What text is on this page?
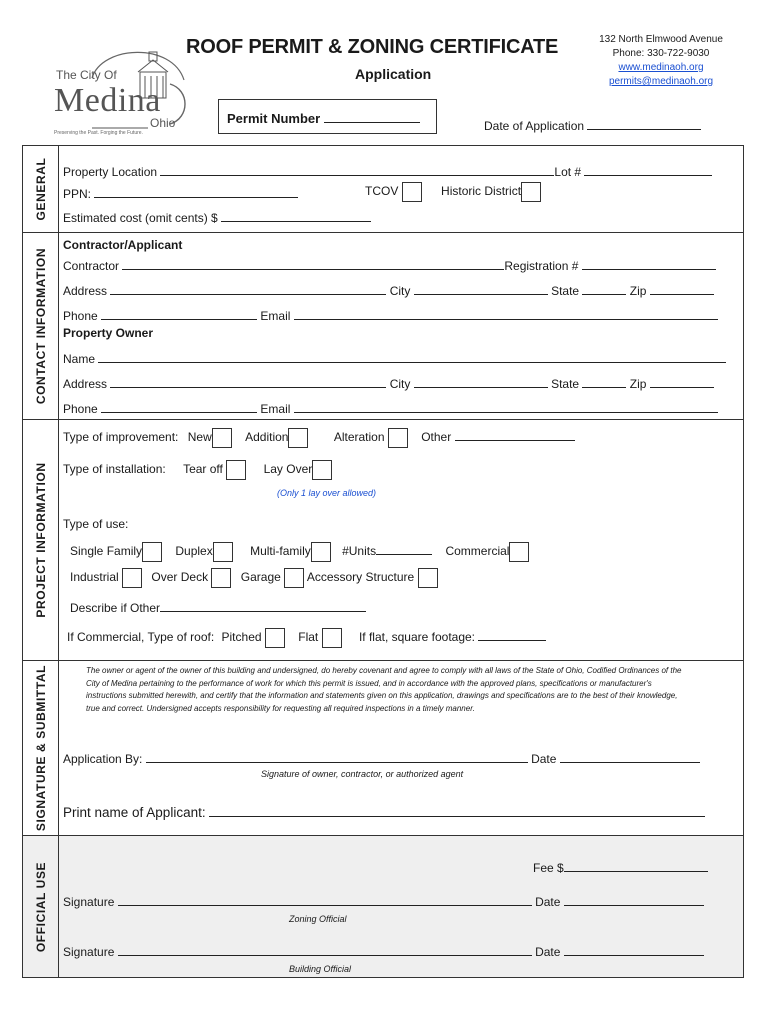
The City Of
Medina
Ohio
Preserving the Past. Forging the Future.
ROOF PERMIT & ZONING CERTIFICATE
Application
132 North Elmwood Avenue
Phone: 330-722-9030
www.medinaoh.org
permits@medinaoh.org
Permit Number	Date of Application
GENERAL Property Location	Lot #
PPN:	TCOV	Historic District
Estimated cost (omit cents) $
CONTACT INFORMATION
Contractor/Applicant
Contractor	Registration #
Address	City	State	Zip
Phone	Email
Property Owner
Name
Address	City	State	Zip
Phone	Email
PROJECT INFORMATION
Type of improvement: New	Addition	Alteration	Other
Type of installation: Tear off	Lay Over
(Only 1 lay over allowed)
Type of use:
Single Family	Duplex	Multi-family	#Units	Commercial
Industrial	Over Deck	Garage Accessory Structure
Describe if Other
If Commercial, Type of roof: Pitched	Flat	If flat, square footage:
SIGNATURE & SUBMITTAL	The owner or agent of the owner of this building and undersigned, do hereby covenant and agree to comply with all laws of the State of Ohio, Codified Ordinances of the City of Medina pertaining to the performance of work for which this permit is issued, and in accordance with the approved plans, specifications or manufacturer's instructions submitted herewith, and certify that the information and statements given on this application, drawings and specifications are to the best of their knowledge, true and correct. Undersigned accepts responsibility for requesting all required inspections in a timely manner.
Application By:	Date
Signature of owner, contractor, or authorized agent
Print name of Applicant:
OFFICIAL USE	Fee $
Signature	Date
Zoning Official
Signature	Date
Building Official
